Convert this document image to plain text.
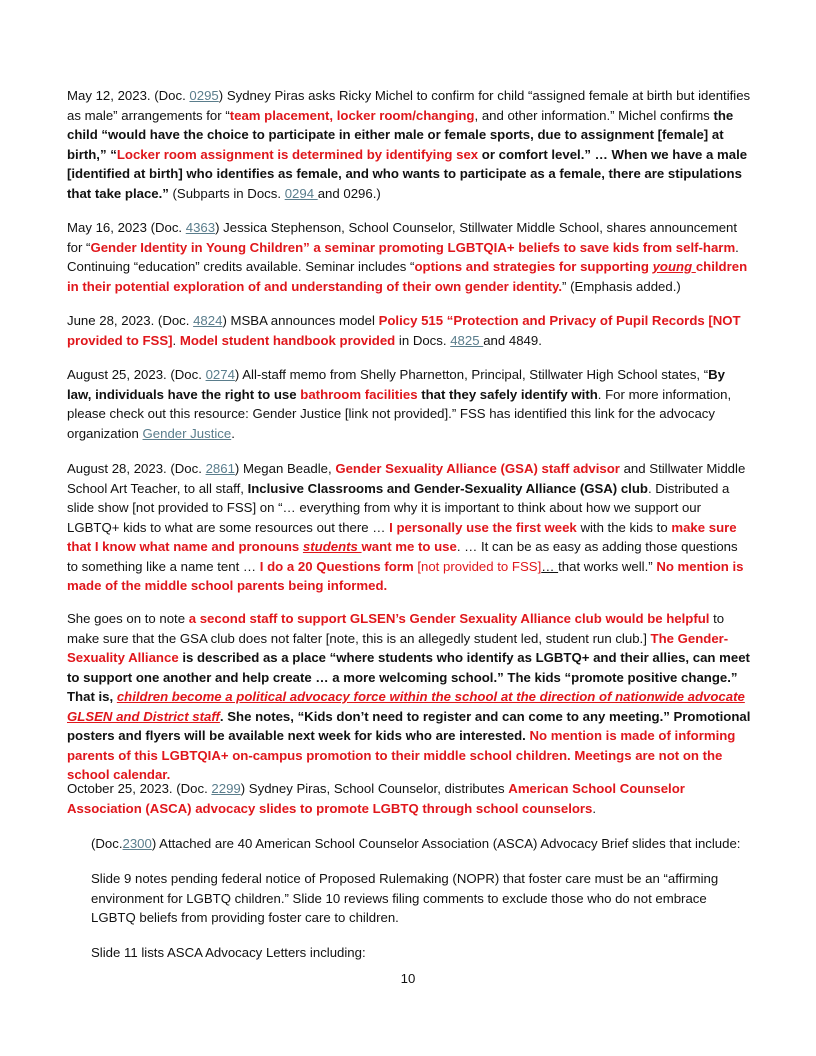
May 12, 2023. (Doc. 0295) Sydney Piras asks Ricky Michel to confirm for child “assigned female at birth but identifies as male” arrangements for “team placement, locker room/changing, and other information.” Michel confirms the child “would have the choice to participate in either male or female sports, due to assignment [female] at birth,” “Locker room assignment is determined by identifying sex or comfort level.” … When we have a male [identified at birth] who identifies as female, and who wants to participate as a female, there are stipulations that take place.” (Subparts in Docs. 0294 and 0296.)

May 16, 2023 (Doc. 4363) Jessica Stephenson, School Counselor, Stillwater Middle School, shares announcement for “Gender Identity in Young Children” a seminar promoting LGBTQIA+ beliefs to save kids from self-harm. Continuing “education” credits available. Seminar includes “options and strategies for supporting young children in their potential exploration of and understanding of their own gender identity.” (Emphasis added.)

June 28, 2023. (Doc. 4824) MSBA announces model Policy 515 “Protection and Privacy of Pupil Records [NOT provided to FSS]. Model student handbook provided in Docs. 4825 and 4849.

August 25, 2023. (Doc. 0274) All-staff memo from Shelly Pharnetton, Principal, Stillwater High School states, “By law, individuals have the right to use bathroom facilities that they safely identify with. For more information, please check out this resource: Gender Justice [link not provided].” FSS has identified this link for the advocacy organization Gender Justice.

August 28, 2023. (Doc. 2861) Megan Beadle, Gender Sexuality Alliance (GSA) staff advisor and Stillwater Middle School Art Teacher, to all staff, Inclusive Classrooms and Gender-Sexuality Alliance (GSA) club. Distributed a slide show [not provided to FSS] on “… everything from why it is important to think about how we support our LGBTQ+ kids to what are some resources out there … I personally use the first week with the kids to make sure that I know what name and pronouns students want me to use. … It can be as easy as adding those questions to something like a name tent … I do a 20 Questions form [not provided to FSS]… that works well.” No mention is made of the middle school parents being informed.

She goes on to note a second staff to support GLSEN’s Gender Sexuality Alliance club would be helpful to make sure that the GSA club does not falter [note, this is an allegedly student led, student run club.] The Gender-Sexuality Alliance is described as a place “where students who identify as LGBTQ+ and their allies, can meet to support one another and help create … a more welcoming school.” The kids “promote positive change.” That is, children become a political advocacy force within the school at the direction of nationwide advocate GLSEN and District staff. She notes, “Kids don’t need to register and can come to any meeting.” Promotional posters and flyers will be available next week for kids who are interested. No mention is made of informing parents of this LGBTQIA+ on-campus promotion to their middle school children. Meetings are not on the school calendar.

October 25, 2023. (Doc. 2299) Sydney Piras, School Counselor, distributes American School Counselor Association (ASCA) advocacy slides to promote LGBTQ through school counselors.

(Doc.2300) Attached are 40 American School Counselor Association (ASCA) Advocacy Brief slides that include:

Slide 9 notes pending federal notice of Proposed Rulemaking (NOPR) that foster care must be an “affirming environment for LGBTQ children.” Slide 10 reviews filing comments to exclude those who do not embrace LGBTQ beliefs from providing foster care to children.

Slide 11 lists ASCA Advocacy Letters including:

10
